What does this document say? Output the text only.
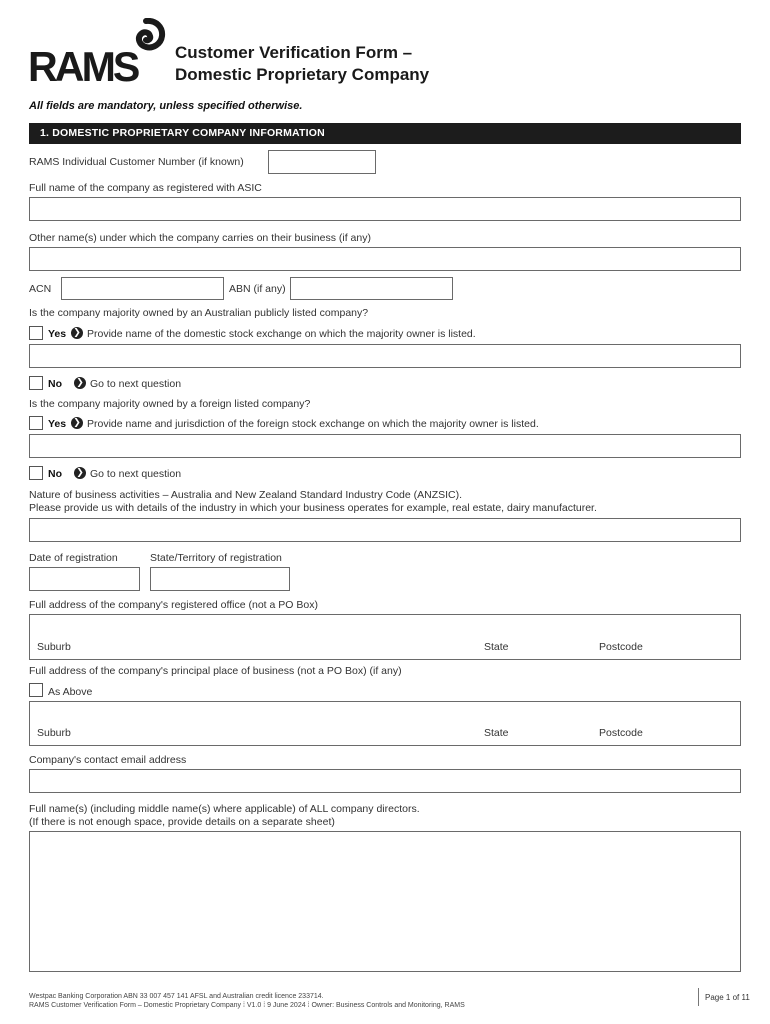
RAMS Customer Verification Form –
Domestic Proprietary Company
All fields are mandatory, unless specified otherwise.
1. DOMESTIC PROPRIETARY COMPANY INFORMATION
RAMS Individual Customer Number (if known)
Full name of the company as registered with ASIC
Other name(s) under which the company carries on their business (if any)
ACN	ABN (if any)
Is the company majority owned by an Australian publicly listed company?
Yes ❯ Provide name of the domestic stock exchange on which the majority owner is listed.
No ❯ Go to next question
Is the company majority owned by a foreign listed company?
Yes ❯ Provide name and jurisdiction of the foreign stock exchange on which the majority owner is listed.
No ❯ Go to next question
Nature of business activities – Australia and New Zealand Standard Industry Code (ANZSIC).
Please provide us with details of the industry in which your business operates for example, real estate, dairy manufacturer.
Date of registration	State/Territory of registration
Full address of the company's registered office (not a PO Box)
Suburb	State	Postcode
Full address of the company's principal place of business (not a PO Box) (if any)
As Above
Suburb	State	Postcode
Company's contact email address
Full name(s) (including middle name(s) where applicable) of ALL company directors.
(If there is not enough space, provide details on a separate sheet)
Westpac Banking Corporation ABN 33 007 457 141 AFSL and Australian credit licence 233714.
RAMS Customer Verification Form – Domestic Proprietary Company ⁞ V1.0 ⁞ 9 June 2024 ⁞ Owner: Business Controls and Monitoring, RAMS
Page 1 of 11
